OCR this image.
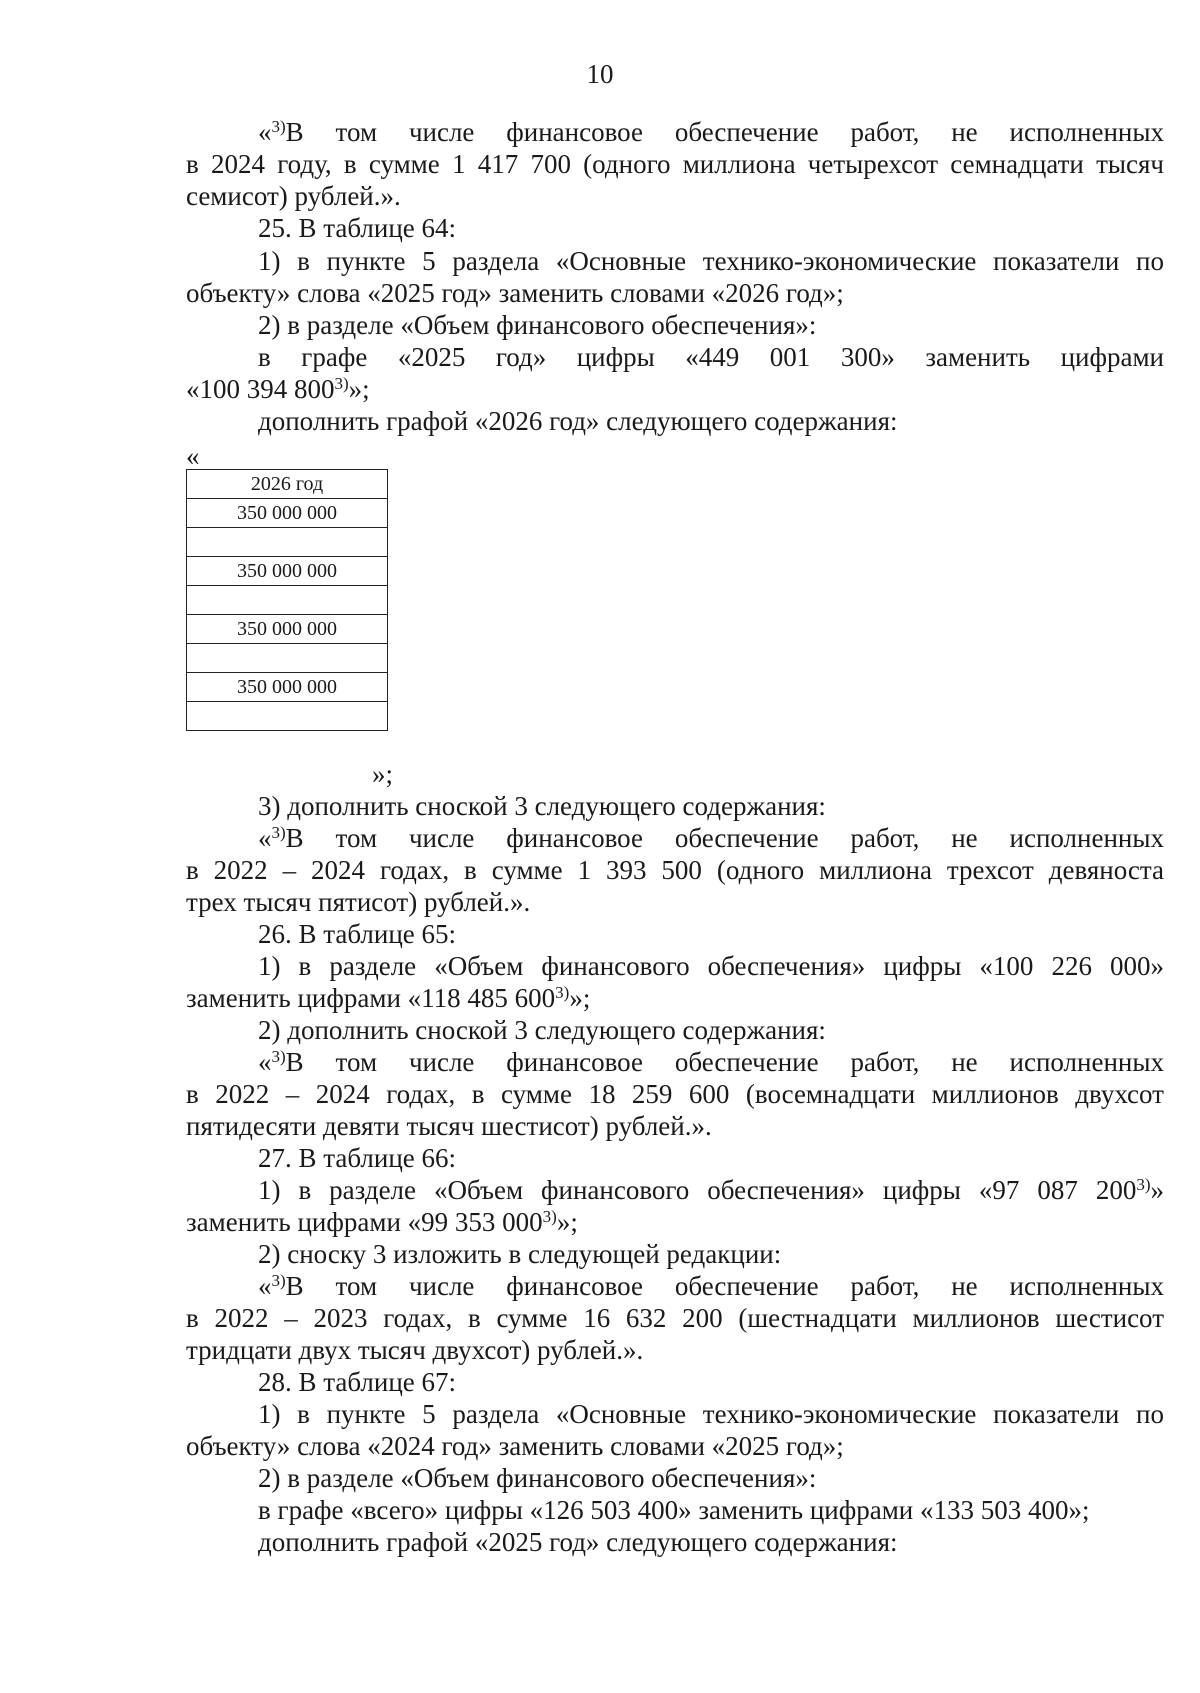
10
«$^{3)}$В том числе финансовое обеспечение работ, не исполненных
в 2024 году, в сумме 1 417 700 (одного миллиона четырехсот семнадцати тысяч
семисот) рублей.».
25. В таблице 64:
1) в пункте 5 раздела «Основные технико-экономические показатели по
объекту» слова «2025 год» заменить словами «2026 год»;
2) в разделе «Объем финансового обеспечения»:
в графе «2025 год» цифры «449 001 300» заменить цифрами
«100 394 800$^{3)}$»;
дополнить графой «2026 год» следующего содержания:
«
2026 год
350 000 000

350 000 000

350 000 000

350 000 000

»;
3) дополнить сноской 3 следующего содержания:
«$^{3)}$В том числе финансовое обеспечение работ, не исполненных
в 2022 – 2024 годах, в сумме 1 393 500 (одного миллиона трехсот девяноста
трех тысяч пятисот) рублей.».
26. В таблице 65:
1) в разделе «Объем финансового обеспечения» цифры «100 226 000»
заменить цифрами «118 485 600$^{3)}$»;
2) дополнить сноской 3 следующего содержания:
«$^{3)}$В том числе финансовое обеспечение работ, не исполненных
в 2022 – 2024 годах, в сумме 18 259 600 (восемнадцати миллионов двухсот
пятидесяти девяти тысяч шестисот) рублей.».
27. В таблице 66:
1) в разделе «Объем финансового обеспечения» цифры «97 087 200$^{3)}$»
заменить цифрами «99 353 000$^{3)}$»;
2) сноску 3 изложить в следующей редакции:
«$^{3)}$В том числе финансовое обеспечение работ, не исполненных
в 2022 – 2023 годах, в сумме 16 632 200 (шестнадцати миллионов шестисот
тридцати двух тысяч двухсот) рублей.».
28. В таблице 67:
1) в пункте 5 раздела «Основные технико-экономические показатели по
объекту» слова «2024 год» заменить словами «2025 год»;
2) в разделе «Объем финансового обеспечения»:
в графе «всего» цифры «126 503 400» заменить цифрами «133 503 400»;
дополнить графой «2025 год» следующего содержания:
